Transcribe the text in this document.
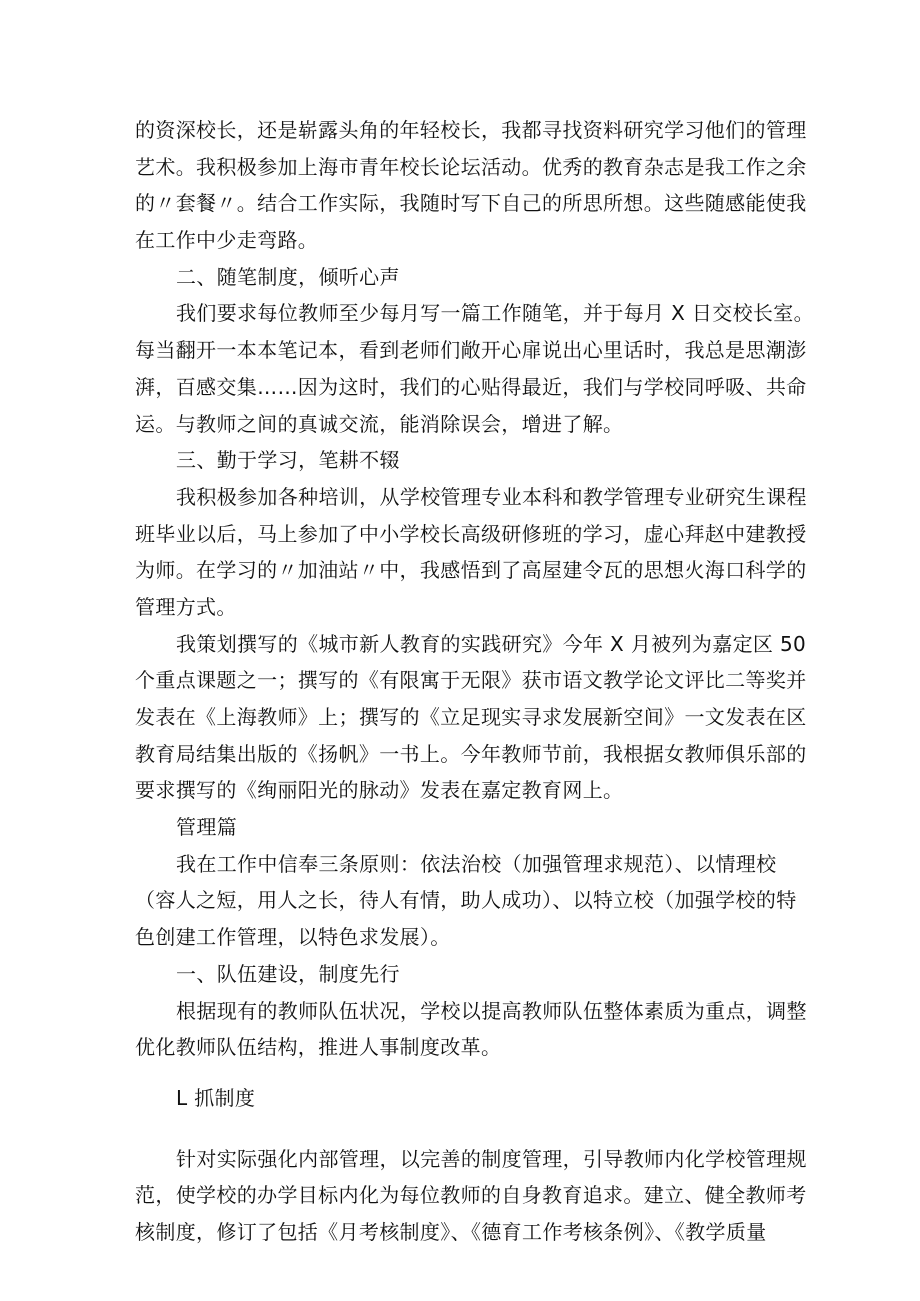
的资深校长，还是崭露头角的年轻校长，我都寻找资料研究学习他们的管理
艺术。我积极参加上海市青年校长论坛活动。优秀的教育杂志是我工作之余
的〃套餐〃。结合工作实际，我随时写下自己的所思所想。这些随感能使我
在工作中少走弯路。
二、随笔制度，倾听心声
我们要求每位教师至少每月写一篇工作随笔，并于每月 X 日交校长室。
每当翻开一本本笔记本，看到老师们敞开心扉说出心里话时，我总是思潮澎
湃，百感交集……因为这时，我们的心贴得最近，我们与学校同呼吸、共命
运。与教师之间的真诚交流，能消除误会，增进了解。
三、勤于学习，笔耕不辍
我积极参加各种培训，从学校管理专业本科和教学管理专业研究生课程
班毕业以后，马上参加了中小学校长高级研修班的学习，虚心拜赵中建教授
为师。在学习的〃加油站〃中，我感悟到了高屋建令瓦的思想火海口科学的
管理方式。
我策划撰写的《城市新人教育的实践研究》今年 X 月被列为嘉定区 50
个重点课题之一；撰写的《有限寓于无限》获市语文教学论文评比二等奖并
发表在《上海教师》上；撰写的《立足现实寻求发展新空间》一文发表在区
教育局结集出版的《扬帆》一书上。今年教师节前，我根据女教师俱乐部的
要求撰写的《绚丽阳光的脉动》发表在嘉定教育网上。
管理篇
我在工作中信奉三条原则：依法治校（加强管理求规范）、以情理校
（容人之短，用人之长，待人有情，助人成功）、以特立校（加强学校的特
色创建工作管理，以特色求发展）。
一、队伍建设，制度先行
根据现有的教师队伍状况，学校以提高教师队伍整体素质为重点，调整
优化教师队伍结构，推进人事制度改革。
L 抓制度
针对实际强化内部管理，以完善的制度管理，引导教师内化学校管理规
范，使学校的办学目标内化为每位教师的自身教育追求。建立、健全教师考
核制度，修订了包括《月考核制度》、《德育工作考核条例》、《教学质量
